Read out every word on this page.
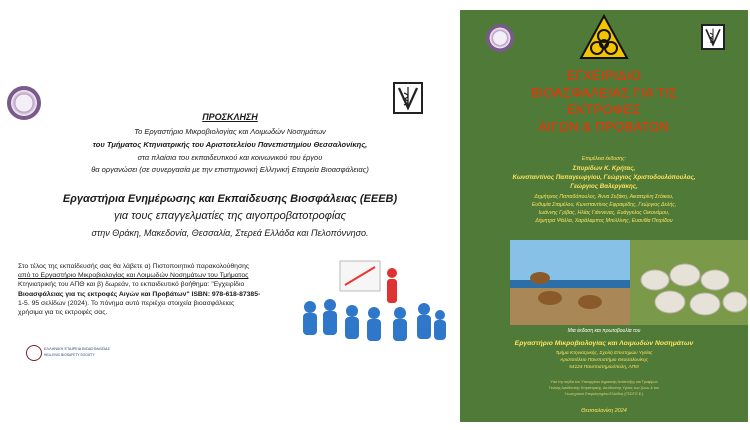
ΠΡΟΣΚΛΗΣΗ
Το Εργαστήριο Μικροβιολογίας και Λοιμωδών Νοσημάτων
του Τμήματος Κτηνιατρικής του Αριστοτελείου Πανεπιστημίου Θεσσαλονίκης,
στα πλαίσια του εκπαιδευτικού και κοινωνικού του έργου
θα οργανώσει (σε συνεργασία με την επιστημονική Ελληνική Εταιρεία Βιοασφάλειας)
Εργαστήρια Ενημέρωσης και Εκπαίδευσης Βιοσφάλειας (ΕΕΕΒ)
για τους επαγγελματίες της αιγοπροβατοτροφίας
στην Θράκη, Μακεδονία, Θεσσαλία, Στερεά Ελλάδα και Πελοπόννησο.
Στο τέλος της εκπαίδευσής σας θα λάβετε α) Πιστοποιητικό παρακολούθησης
από το Εργαστήριο Μικροβιολογίας και Λοιμωδών Νοσημάτων του Τμήματος
Κτηνιατρικής του ΑΠΘ και β) δωρεάν, το εκπαιδευτικό βοήθημα: "Εγχειρίδιο
Βιοασφάλειας για τις εκτροφές Αιγών και Προβάτων" ISBN: 978-618-87385-
1-5. 95 σελίδων (2024). Το πόνημα αυτό περιέχει στοιχεία βιοασφάλειας
χρήσιμα για τις εκτροφές σας.
ΕΛΛΗΝΙΚΗ ΕΤΑΙΡΕΙΑ ΒΙΟΑΣΦΑΛΕΙΑΣ
HELLENIC BIOSAFETY SOCIETY
ΕΓΧΕΙΡΙΔΙΟ
ΒΙΟΑΣΦΑΛΕΙΑΣ ΓΙΑ ΤΙΣ
ΕΚΤΡΟΦΕΣ
ΑΙΓΩΝ & ΠΡΟΒΑΤΩΝ
Επιμέλεια έκδοσης:
Σπυρίδων Κ. Κρήτας,
Κωνσταντίνος Παπαγεωργίου, Γεώργιος Χριστοδουλόπουλος,
Γεώργιος Βαλεργάκης,
Δημήτριος Παπαδόπουλος, Άννα Σεξάκη, Αικατερίνη Στόικου,
Ευθυμία Σταμέλου, Κωνσταντίνος Εφραιμίδης, Γεώργιος Δελής,
Ιωάννης Γρίβας, Ηλίας Γιάννενας, Ευάγγελος Οικονόμου,
Δήμητρα Ψάλλα, Χαράλαμπος Μπιλλίνης, Ευανθία Πετρίδου
Μια έκδοση και πρωτοβουλία του
Εργαστήριο Μικροβιολογίας και Λοιμωδών Νοσημάτων
Τμήμα Κτηνιατρικής, Σχολή Επιστημών Υγείας
Αριστοτέλειο Πανεπιστήμιο Θεσσαλονίκης
54124 Πανεπιστημιούπολη, ΑΠΘ
Υπό την αιγίδα του Υπουργείου Αγροτικής Ανάπτυξης και Τροφίμων
Γενικής Διεύθυνσης Κτηνιατρικής, Διεύθυνσης Υγείας των ζώων & του
Γεωτεχνικού Επιμελητηρίου Ελλάδος (ΓΕΩΤ.Ε.Ε.)
Θεσσαλονίκη 2024
